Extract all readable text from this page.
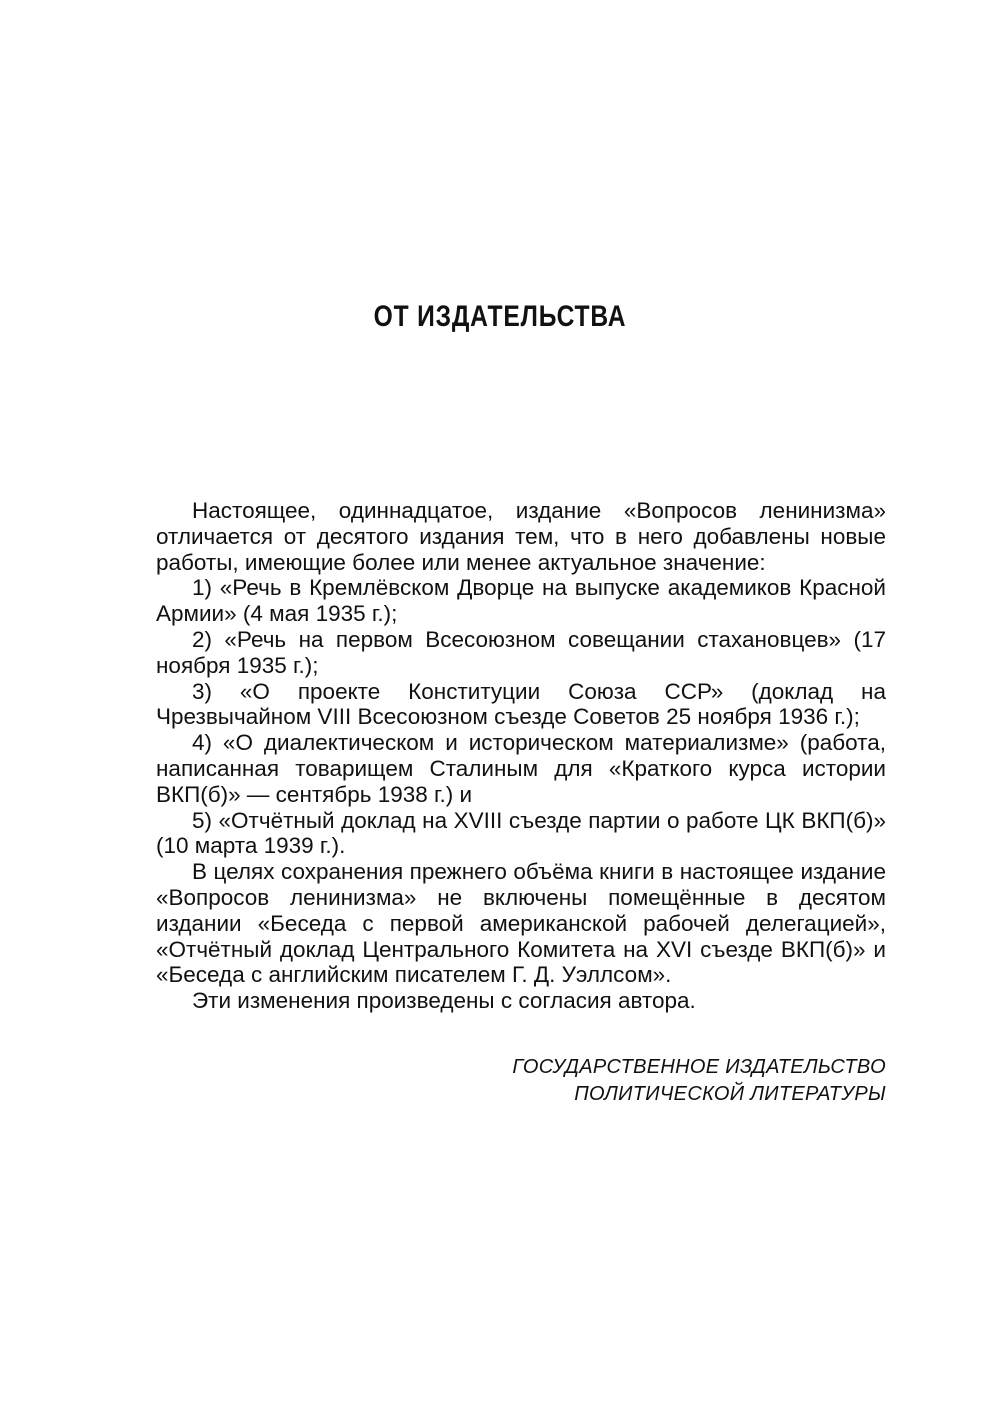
ОТ ИЗДАТЕЛЬСТВА

Настоящее, одиннадцатое, издание «Вопросов ленинизма» отличается от десятого издания тем, что в него добавлены новые работы, имеющие более или менее актуальное значение:

1) «Речь в Кремлёвском Дворце на выпуске академиков Красной Армии» (4 мая 1935 г.);

2) «Речь на первом Всесоюзном совещании стахановцев» (17 ноября 1935 г.);

3) «О проекте Конституции Союза ССР» (доклад на Чрезвычайном VIII Всесоюзном съезде Советов 25 ноября 1936 г.);

4) «О диалектическом и историческом материализме» (работа, написанная товарищем Сталиным для «Краткого курса истории ВКП(б)» — сентябрь 1938 г.) и

5) «Отчётный доклад на XVIII съезде партии о работе ЦК ВКП(б)» (10 марта 1939 г.).

В целях сохранения прежнего объёма книги в настоящее издание «Вопросов ленинизма» не включены помещённые в десятом издании «Беседа с первой американской рабочей делегацией», «Отчётный доклад Центрального Комитета на XVI съезде ВКП(б)» и «Беседа с английским писателем Г. Д. Уэллсом».

Эти изменения произведены с согласия автора.

ГОСУДАРСТВЕННОЕ ИЗДАТЕЛЬСТВО
ПОЛИТИЧЕСКОЙ ЛИТЕРАТУРЫ
